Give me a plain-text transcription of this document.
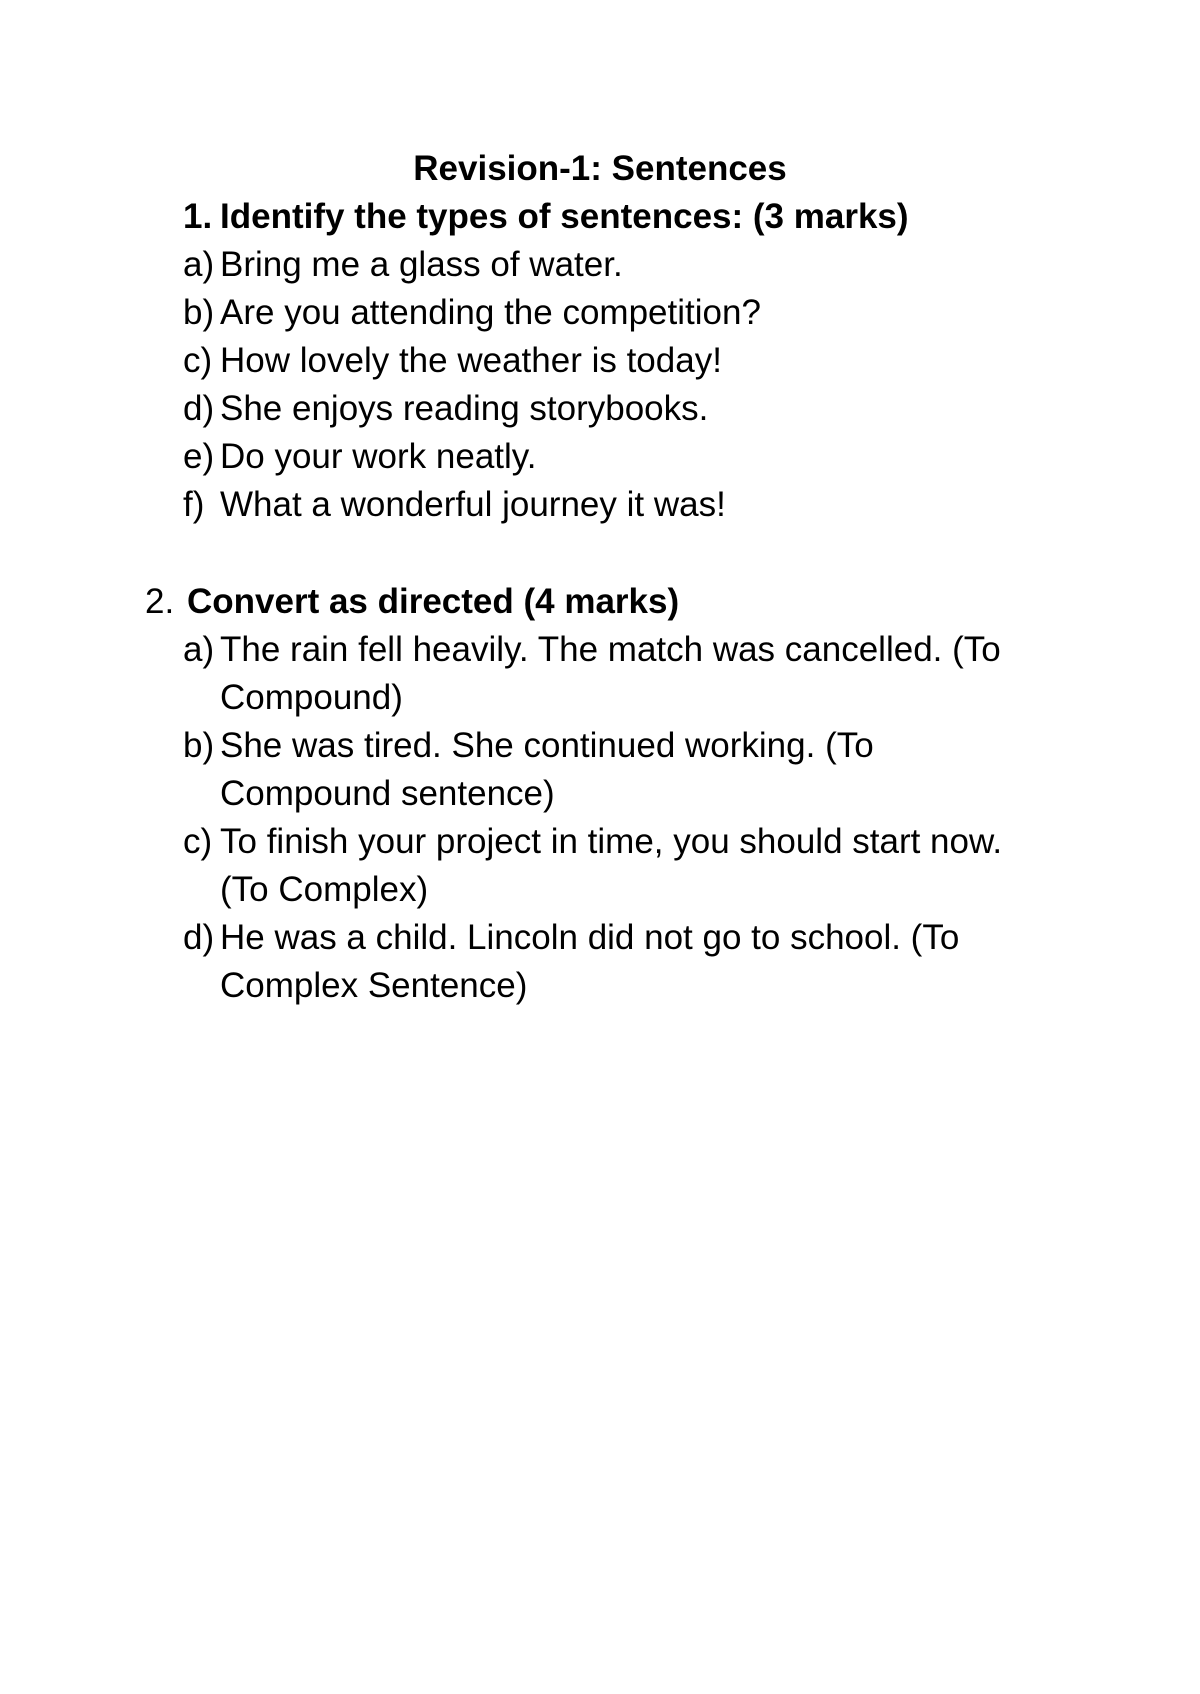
Revision-1: Sentences
1. Identify the types of sentences: (3 marks)
a) Bring me a glass of water.
b) Are you attending the competition?
c) How lovely the weather is today!
d) She enjoys reading storybooks.
e) Do your work neatly.
f) What a wonderful journey it was!
2. Convert as directed (4 marks)
a) The rain fell heavily. The match was cancelled. (To
Compound)
b) She was tired. She continued working. (To
Compound sentence)
c) To finish your project in time, you should start now.
(To Complex)
d) He was a child. Lincoln did not go to school. (To
Complex Sentence)
